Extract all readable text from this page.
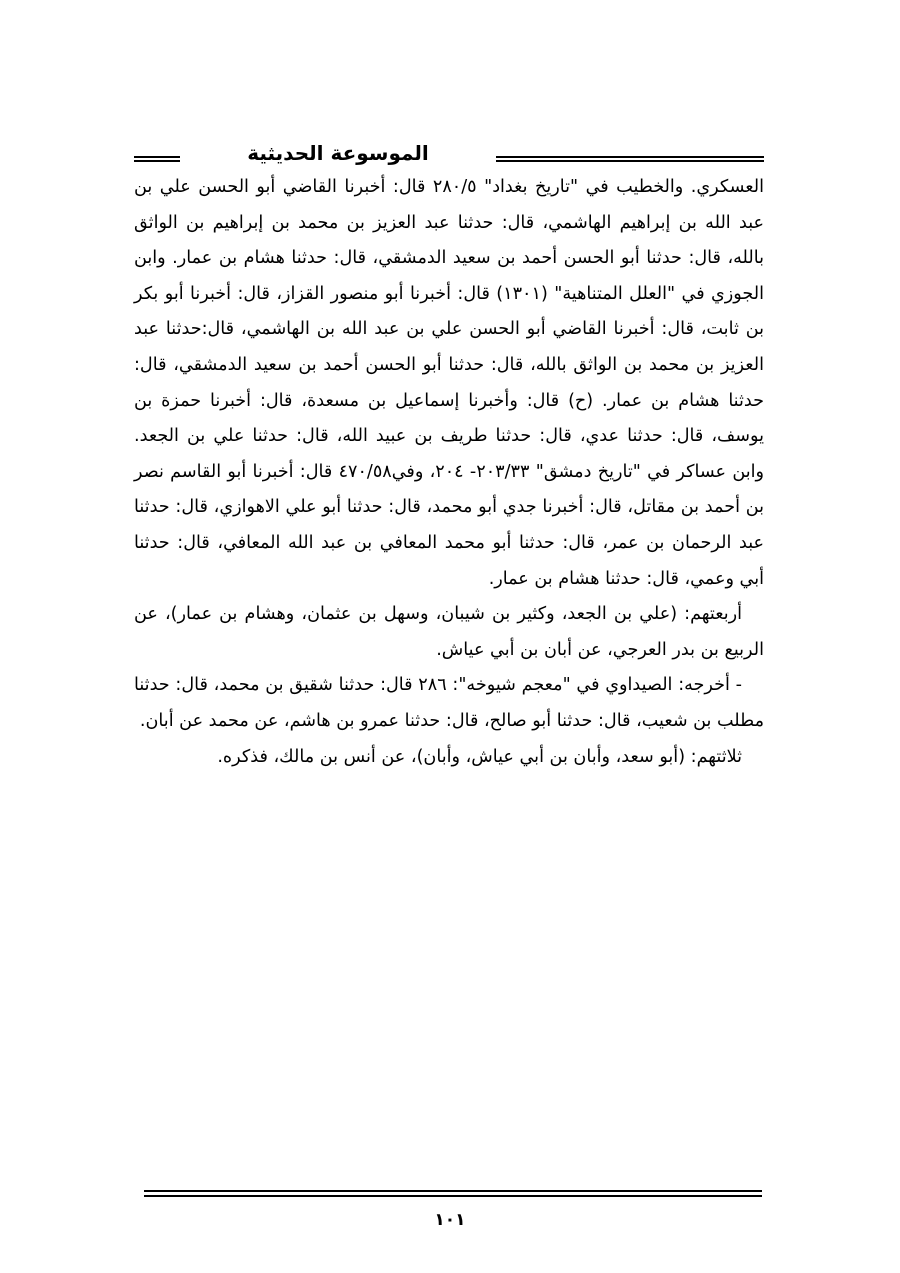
الموسوعة الحديثية

العسكري. والخطيب في "تاريخ بغداد" ٢٨٠/٥ قال: أخبرنا القاضي أبو الحسن علي بن عبد الله بن إبراهيم الهاشمي، قال: حدثنا عبد العزيز بن محمد بن إبراهيم بن الواثق بالله، قال: حدثنا أبو الحسن أحمد بن سعيد الدمشقي، قال: حدثنا هشام بن عمار. وابن الجوزي في "العلل المتناهية" (١٣٠١) قال: أخبرنا أبو منصور القزاز، قال: أخبرنا أبو بكر بن ثابت، قال: أخبرنا القاضي أبو الحسن علي بن عبد الله بن الهاشمي، قال:حدثنا عبد العزيز بن محمد بن الواثق بالله، قال: حدثنا أبو الحسن أحمد بن سعيد الدمشقي، قال: حدثنا هشام بن عمار. (ح) قال: وأخبرنا إسماعيل بن مسعدة، قال: أخبرنا حمزة بن يوسف، قال: حدثنا عدي، قال: حدثنا طريف بن عبيد الله، قال: حدثنا علي بن الجعد. وابن عساكر في "تاريخ دمشق" ٢٠٣/٣٣- ٢٠٤، وفي٤٧٠/٥٨ قال: أخبرنا أبو القاسم نصر بن أحمد بن مقاتل، قال: أخبرنا جدي أبو محمد، قال: حدثنا أبو علي الاهوازي، قال: حدثنا عبد الرحمان بن عمر، قال: حدثنا أبو محمد المعافي بن عبد الله المعافي، قال: حدثنا أبي وعمي، قال: حدثنا هشام بن عمار.

أربعتهم: (علي بن الجعد، وكثير بن شيبان، وسهل بن عثمان، وهشام بن عمار)، عن الربيع بن بدر العرجي، عن أبان بن أبي عياش.

- أخرجه: الصيداوي في "معجم شيوخه": ٢٨٦ قال: حدثنا شقيق بن محمد، قال: حدثنا مطلب بن شعيب، قال: حدثنا أبو صالح، قال: حدثنا عمرو بن هاشم، عن محمد عن أبان.

ثلاثتهم: (أبو سعد، وأبان بن أبي عياش، وأبان)، عن أنس بن مالك، فذكره.

١٠١
